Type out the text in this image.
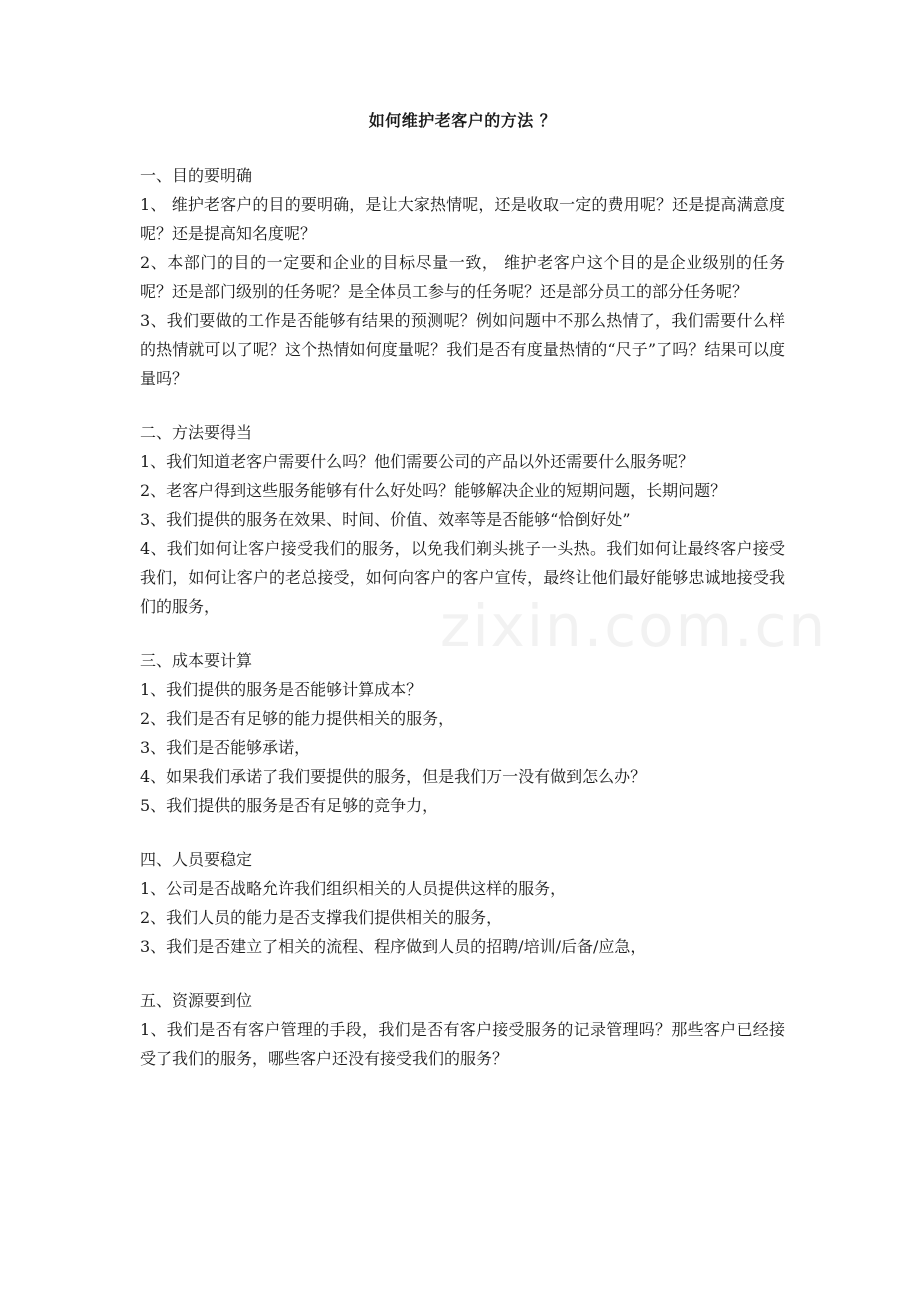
如何维护老客户的方法 ？

一、目的要明确

1、 维护老客户的目的要明确，是让大家热情呢，还是收取一定的费用呢？还是提高满意度呢？还是提高知名度呢？

2、本部门的目的一定要和企业的目标尽量一致， 维护老客户这个目的是企业级别的任务呢？还是部门级别的任务呢？是全体员工参与的任务呢？还是部分员工的部分任务呢？

3、我们要做的工作是否能够有结果的预测呢？例如问题中不那么热情了，我们需要什么样的热情就可以了呢？这个热情如何度量呢？我们是否有度量热情的“尺子”了吗？结果可以度量吗？

二、方法要得当

1、我们知道老客户需要什么吗？他们需要公司的产品以外还需要什么服务呢？

2、老客户得到这些服务能够有什么好处吗？能够解决企业的短期问题，长期问题？

3、我们提供的服务在效果、时间、价值、效率等是否能够“恰倒好处”

4、我们如何让客户接受我们的服务，以免我们剃头挑子一头热。我们如何让最终客户接受我们，如何让客户的老总接受，如何向客户的客户宣传，最终让他们最好能够忠诚地接受我们的服务，

三、成本要计算

1、我们提供的服务是否能够计算成本？

2、我们是否有足够的能力提供相关的服务，

3、我们是否能够承诺，

4、如果我们承诺了我们要提供的服务，但是我们万一没有做到怎么办？

5、我们提供的服务是否有足够的竞争力，

四、人员要稳定

1、公司是否战略允许我们组织相关的人员提供这样的服务，

2、我们人员的能力是否支撑我们提供相关的服务，

3、我们是否建立了相关的流程、程序做到人员的招聘/培训/后备/应急，

五、资源要到位

1、我们是否有客户管理的手段，我们是否有客户接受服务的记录管理吗？那些客户已经接受了我们的服务，哪些客户还没有接受我们的服务？

zixin.com.cn
